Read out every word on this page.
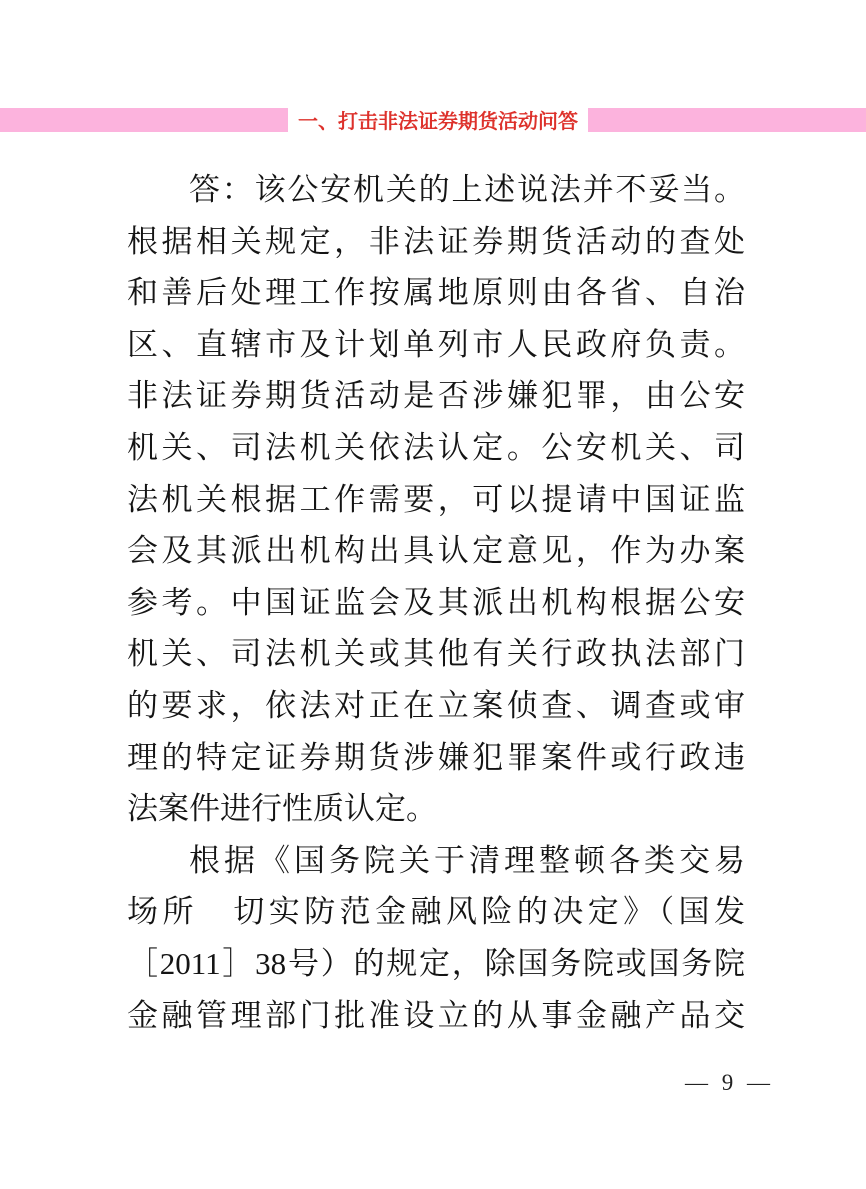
一、打击非法证券期货活动问答
答：该公安机关的上述说法并不妥当。
根据相关规定，非法证券期货活动的查处
和善后处理工作按属地原则由各省、自治
区、直辖市及计划单列市人民政府负责。
非法证券期货活动是否涉嫌犯罪，由公安
机关、司法机关依法认定。公安机关、司
法机关根据工作需要，可以提请中国证监
会及其派出机构出具认定意见，作为办案
参考。中国证监会及其派出机构根据公安
机关、司法机关或其他有关行政执法部门
的要求，依法对正在立案侦查、调查或审
理的特定证券期货涉嫌犯罪案件或行政违
法案件进行性质认定。
根据《国务院关于清理整顿各类交易
场所　切实防范金融风险的决定》（国发
［2011］38号）的规定，除国务院或国务院
金融管理部门批准设立的从事金融产品交
— 9 —
